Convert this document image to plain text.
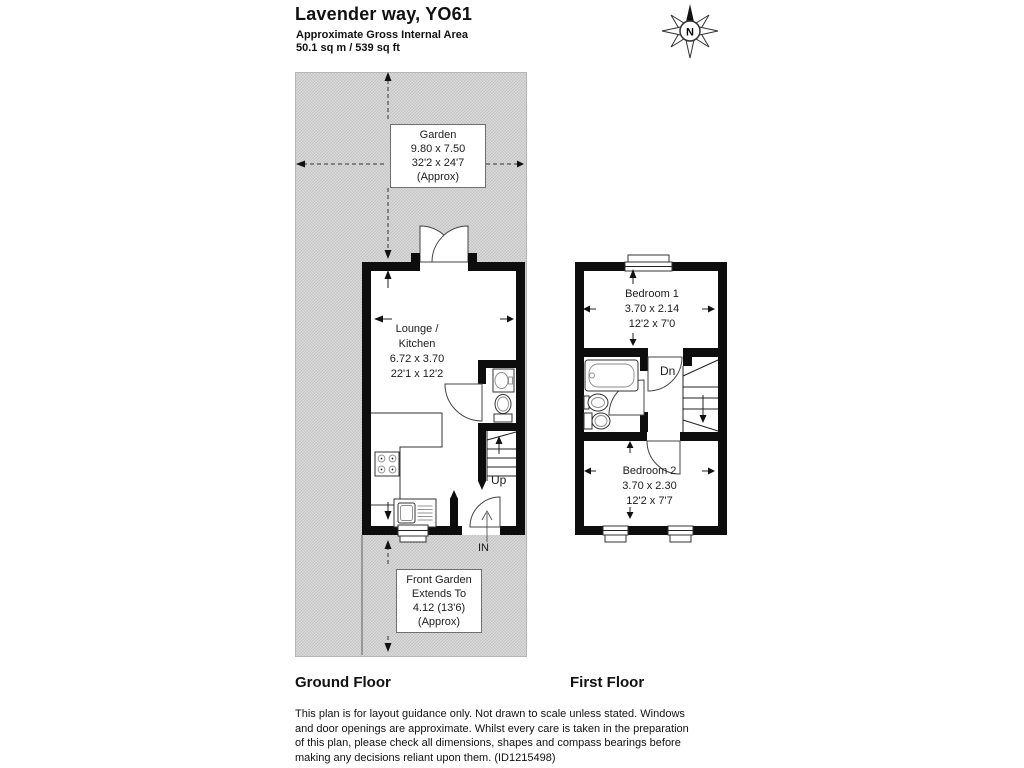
Lavender way, YO61
Approximate Gross Internal Area
50.1 sq m / 539 sq ft
N
Garden
9.80 x 7.50
32'2 x 24'7
(Approx)
Front Garden
Extends To
4.12 (13'6)
(Approx)
Lounge /
Kitchen
6.72 x 3.70
22'1 x 12'2
Bedroom 1
3.70 x 2.14
12'2 x 7'0
Bedroom 2
3.70 x 2.30
12'2 x 7'7
Up
Dn
IN
Ground Floor	First Floor
This plan is for layout guidance only. Not drawn to scale unless stated. Windows and door openings are approximate. Whilst every care is taken in the preparation of this plan, please check all dimensions, shapes and compass bearings before making any decisions reliant upon them. (ID1215498)
